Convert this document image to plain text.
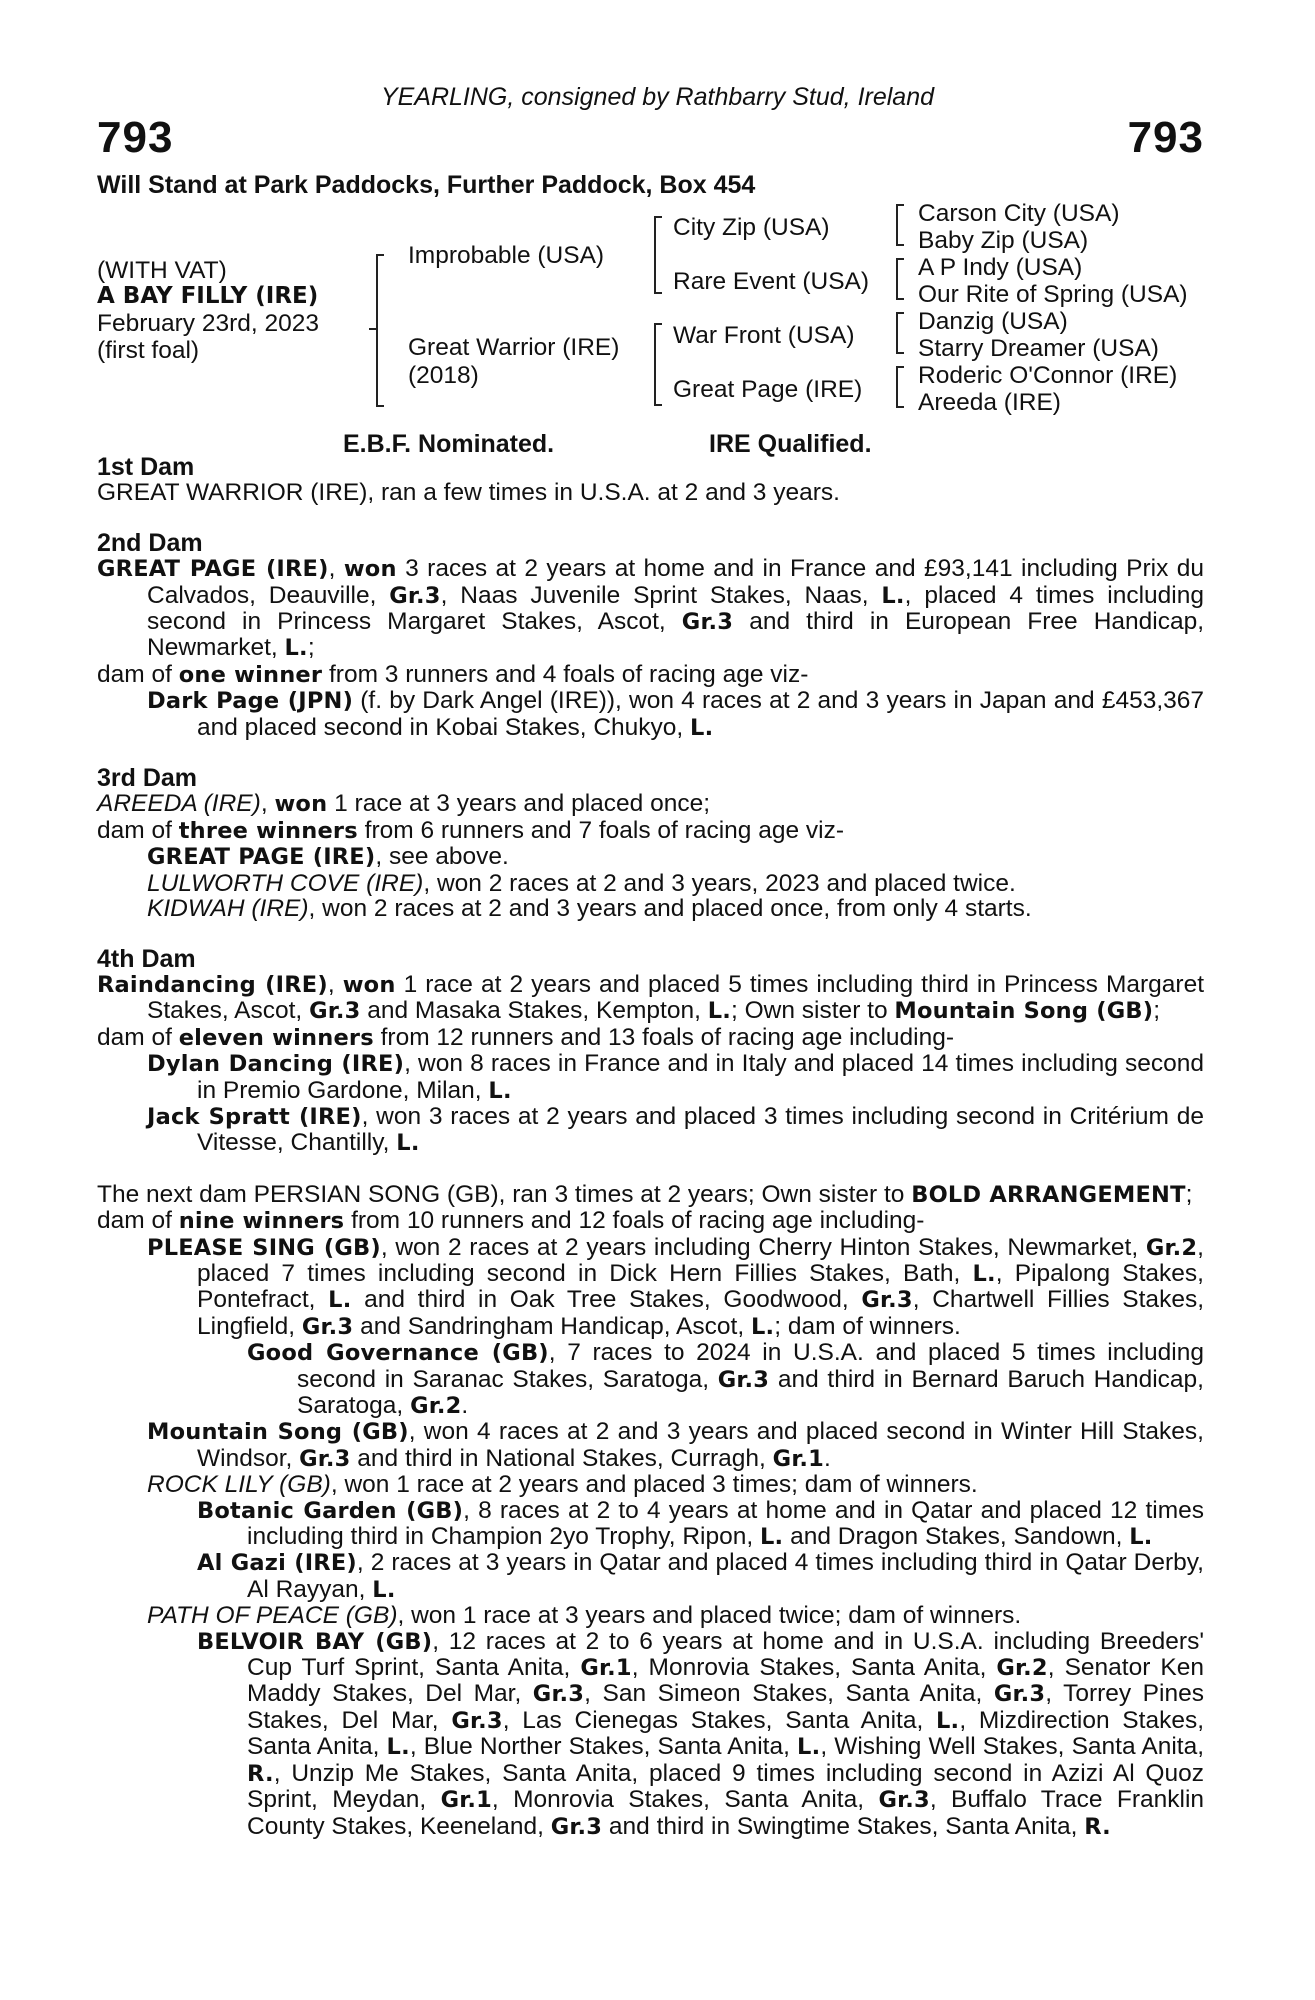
YEARLING, consigned by Rathbarry Stud, Ireland
793	793
Will Stand at Park Paddocks, Further Paddock, Box 454
(WITH VAT)
A BAY FILLY (IRE)
February 23rd, 2023
(first foal)
Improbable (USA)
Great Warrior (IRE)
(2018)
City Zip (USA)
Rare Event (USA)
War Front (USA)
Great Page (IRE)
Carson City (USA)
Baby Zip (USA)
A P Indy (USA)
Our Rite of Spring (USA)
Danzig (USA)
Starry Dreamer (USA)
Roderic O'Connor (IRE)
Areeda (IRE)
E.B.F. Nominated.	IRE Qualified.

1st Dam

GREAT WARRIOR (IRE), ran a few times in U.S.A. at 2 and 3 years.

2nd Dam

GREAT PAGE (IRE), won 3 races at 2 years at home and in France and £93,141 including Prix du Calvados, Deauville, Gr.3, Naas Juvenile Sprint Stakes, Naas, L., placed 4 times including second in Princess Margaret Stakes, Ascot, Gr.3 and third in European Free Handicap, Newmarket, L.;

dam of one winner from 3 runners and 4 foals of racing age viz-

Dark Page (JPN) (f. by Dark Angel (IRE)), won 4 races at 2 and 3 years in Japan and £453,367 and placed second in Kobai Stakes, Chukyo, L.

3rd Dam

AREEDA (IRE), won 1 race at 3 years and placed once;

dam of three winners from 6 runners and 7 foals of racing age viz-

GREAT PAGE (IRE), see above.

LULWORTH COVE (IRE), won 2 races at 2 and 3 years, 2023 and placed twice.

KIDWAH (IRE), won 2 races at 2 and 3 years and placed once, from only 4 starts.

4th Dam

Raindancing (IRE), won 1 race at 2 years and placed 5 times including third in Princess Margaret Stakes, Ascot, Gr.3 and Masaka Stakes, Kempton, L.; Own sister to Mountain Song (GB);

dam of eleven winners from 12 runners and 13 foals of racing age including-

Dylan Dancing (IRE), won 8 races in France and in Italy and placed 14 times including second in Premio Gardone, Milan, L.

Jack Spratt (IRE), won 3 races at 2 years and placed 3 times including second in Critérium de Vitesse, Chantilly, L.

The next dam PERSIAN SONG (GB), ran 3 times at 2 years; Own sister to BOLD ARRANGEMENT;

dam of nine winners from 10 runners and 12 foals of racing age including-

PLEASE SING (GB), won 2 races at 2 years including Cherry Hinton Stakes, Newmarket, Gr.2, placed 7 times including second in Dick Hern Fillies Stakes, Bath, L., Pipalong Stakes, Pontefract, L. and third in Oak Tree Stakes, Goodwood, Gr.3, Chartwell Fillies Stakes, Lingfield, Gr.3 and Sandringham Handicap, Ascot, L.; dam of winners.

Good Governance (GB), 7 races to 2024 in U.S.A. and placed 5 times including second in Saranac Stakes, Saratoga, Gr.3 and third in Bernard Baruch Handicap, Saratoga, Gr.2.

Mountain Song (GB), won 4 races at 2 and 3 years and placed second in Winter Hill Stakes, Windsor, Gr.3 and third in National Stakes, Curragh, Gr.1.

ROCK LILY (GB), won 1 race at 2 years and placed 3 times; dam of winners.

Botanic Garden (GB), 8 races at 2 to 4 years at home and in Qatar and placed 12 times including third in Champion 2yo Trophy, Ripon, L. and Dragon Stakes, Sandown, L.

Al Gazi (IRE), 2 races at 3 years in Qatar and placed 4 times including third in Qatar Derby, Al Rayyan, L.

PATH OF PEACE (GB), won 1 race at 3 years and placed twice; dam of winners.

BELVOIR BAY (GB), 12 races at 2 to 6 years at home and in U.S.A. including Breeders' Cup Turf Sprint, Santa Anita, Gr.1, Monrovia Stakes, Santa Anita, Gr.2, Senator Ken Maddy Stakes, Del Mar, Gr.3, San Simeon Stakes, Santa Anita, Gr.3, Torrey Pines Stakes, Del Mar, Gr.3, Las Cienegas Stakes, Santa Anita, L., Mizdirection Stakes, Santa Anita, L., Blue Norther Stakes, Santa Anita, L., Wishing Well Stakes, Santa Anita, R., Unzip Me Stakes, Santa Anita, placed 9 times including second in Azizi Al Quoz Sprint, Meydan, Gr.1, Monrovia Stakes, Santa Anita, Gr.3, Buffalo Trace Franklin County Stakes, Keeneland, Gr.3 and third in Swingtime Stakes, Santa Anita, R.
